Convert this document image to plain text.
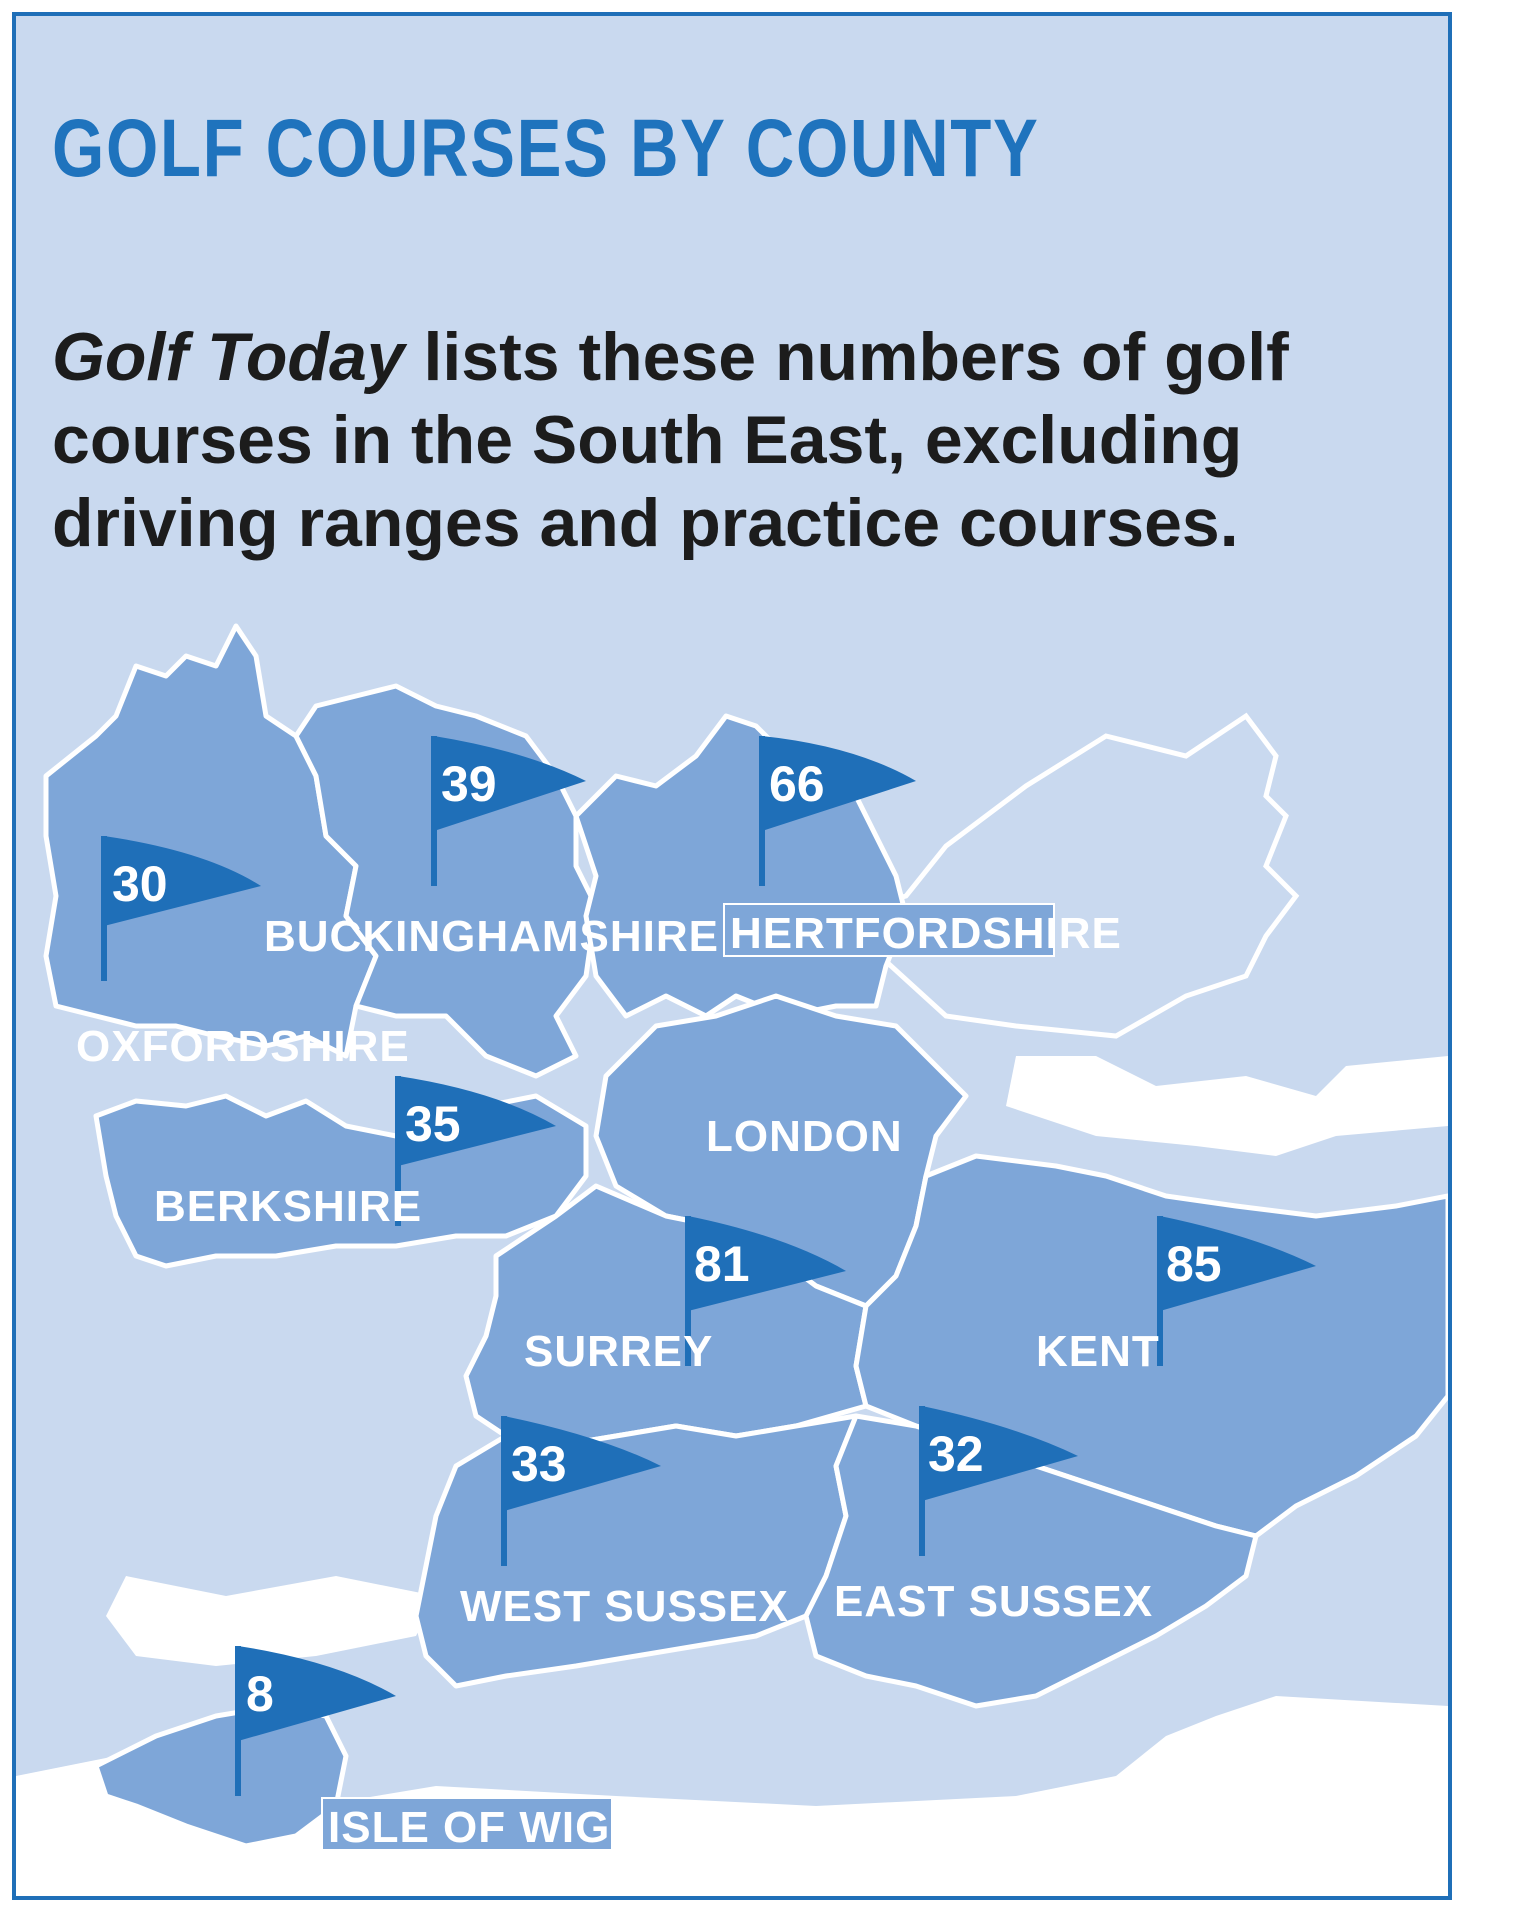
GOLF COURSES BY COUNTY

Golf Today lists these numbers of golf courses in the South East, excluding driving ranges and practice courses.

30
39	66
35
81	85
33	32
8
OXFORDSHIRE
BUCKINGHAMSHIRE HERTFORDSHIRE
BERKSHIRE
LONDON
SURREY	KENT
WEST SUSSEX EAST SUSSEX
ISLE OF WIGHT
